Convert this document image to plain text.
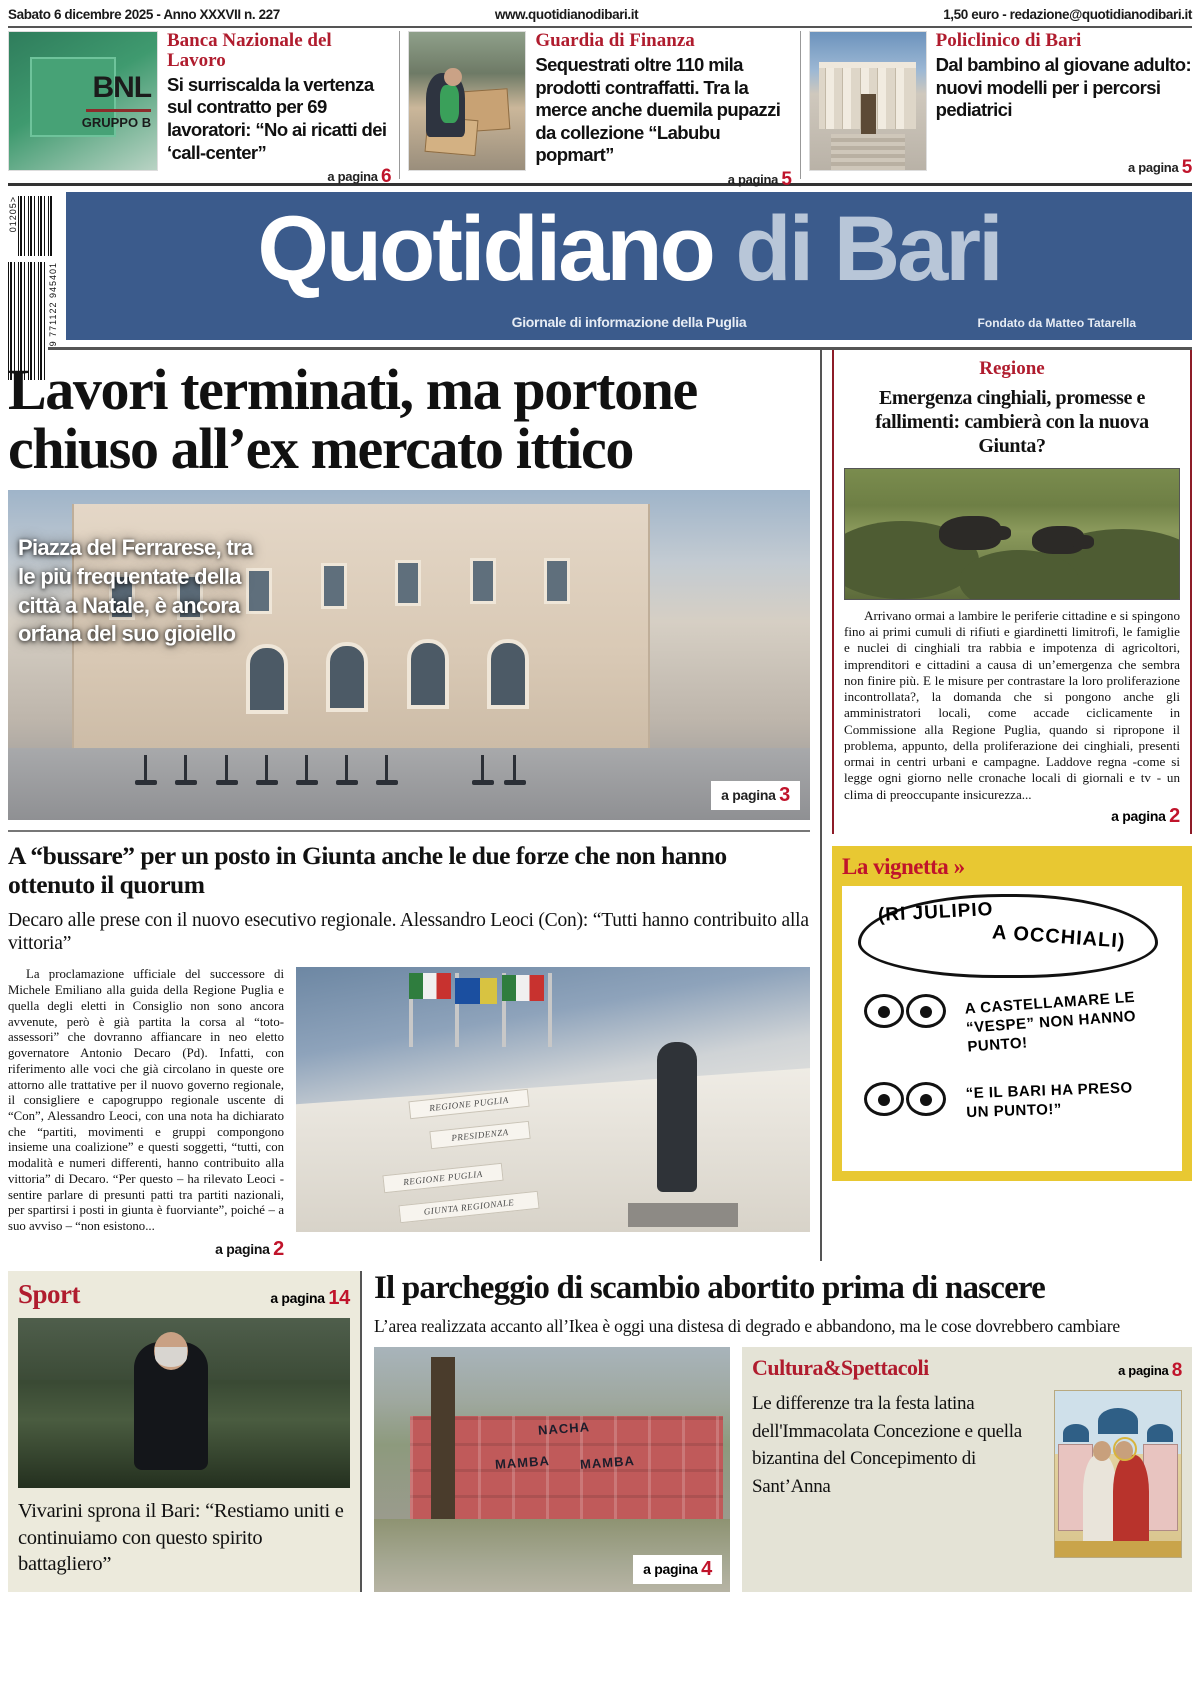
Sabato 6 dicembre 2025 - Anno XXXVII n. 227	www.quotidianodibari.it	1,50 euro - redazione@quotidianodibari.it
BNL
GRUPPO B
Banca Nazionale del Lavoro
Si surriscalda la vertenza sul contratto per 69 lavoratori: “No ai ricatti dei ‘call-center”
a pagina 6
Guardia di Finanza
Sequestrati oltre 110 mila prodotti contraffatti. Tra la merce anche duemila pupazzi da collezione “Labubu popmart”
a pagina 5
Policlinico di Bari
Dal bambino al giovane adulto: nuovi modelli per i percorsi pediatrici
a pagina 5
01205>
9 771122 945401
Quotidiano di Bari
Giornale di informazione della Puglia	Fondato da Matteo Tatarella
Lavori terminati, ma portone chiuso all’ex mercato ittico
Piazza del Ferrarese, tra le più frequentate della città a Natale, è ancora orfana del suo gioiello
a pagina 3
A “bussare” per un posto in Giunta anche le due forze che non hanno ottenuto il quorum
Decaro alle prese con il nuovo esecutivo regionale. Alessandro Leoci (Con): “Tutti hanno contribuito alla vittoria”

La proclamazione ufficiale del successore di Michele Emiliano alla guida della Regione Puglia e quella degli eletti in Consiglio non sono ancora avvenute, però è già partita la corsa al “toto-assessori” che dovranno affiancare in neo eletto governatore Antonio Decaro (Pd). Infatti, con riferimento alle voci che già circolano in queste ore attorno alle trattative per il nuovo governo regionale, il consigliere e capogruppo regionale uscente di “Con”, Alessandro Leoci, con una nota ha dichiarato che “partiti, movimenti e gruppi compongono insieme una coalizione” e questi soggetti, “tutti, con modalità e numeri differenti, hanno contribuito alla vittoria” di Decaro. “Per questo – ha rilevato Leoci - sentire parlare di presunti patti tra partiti nazionali, per spartirsi i posti in giunta è fuorviante”, poiché – a suo avviso – “non esistono...

a pagina 2
REGIONE PUGLIA
PRESIDENZA
REGIONE PUGLIA
GIUNTA REGIONALE
Regione
Emergenza cinghiali, promesse e fallimenti: cambierà con la nuova Giunta?

Arrivano ormai a lambire le periferie cittadine e si spingono fino ai primi cumuli di rifiuti e giardinetti limitrofi, le famiglie e nuclei di cinghiali tra rabbia e impotenza di agricoltori, imprenditori e cittadini a causa di un’emergenza che sembra non finire più. E le misure per contrastare la loro proliferazione incontrollata?, la domanda che si pongono anche gli amministratori locali, come accade ciclicamente in Commissione alla Regione Puglia, quando si ripropone il problema, appunto, della proliferazione dei cinghiali, presenti ormai in centri urbani e campagne. Laddove regna -come si legge ogni giorno nelle cronache locali di giornali e tv - un clima di preoccupante insicurezza...

a pagina 2
La vignetta »
(RI JULIPIO
A OCCHIALI)
A CASTELLAMARE LE “VESPE” NON HANNO PUNTO!
“E IL BARI HA PRESO UN PUNTO!”
Sport	a pagina 14
Vivarini sprona il Bari: “Restiamo uniti e continuiamo con questo spirito battagliero”
Il parcheggio di scambio abortito prima di nascere
L’area realizzata accanto all’Ikea è oggi una distesa di degrado e abbandono, ma le cose dovrebbero cambiare
NACHA
MAMBA MAMBA
a pagina 4
Cultura&Spettacoli	a pagina 8
Le differenze tra la festa latina dell'Immacolata Concezione e quella bizantina del Concepimento di Sant’Anna
